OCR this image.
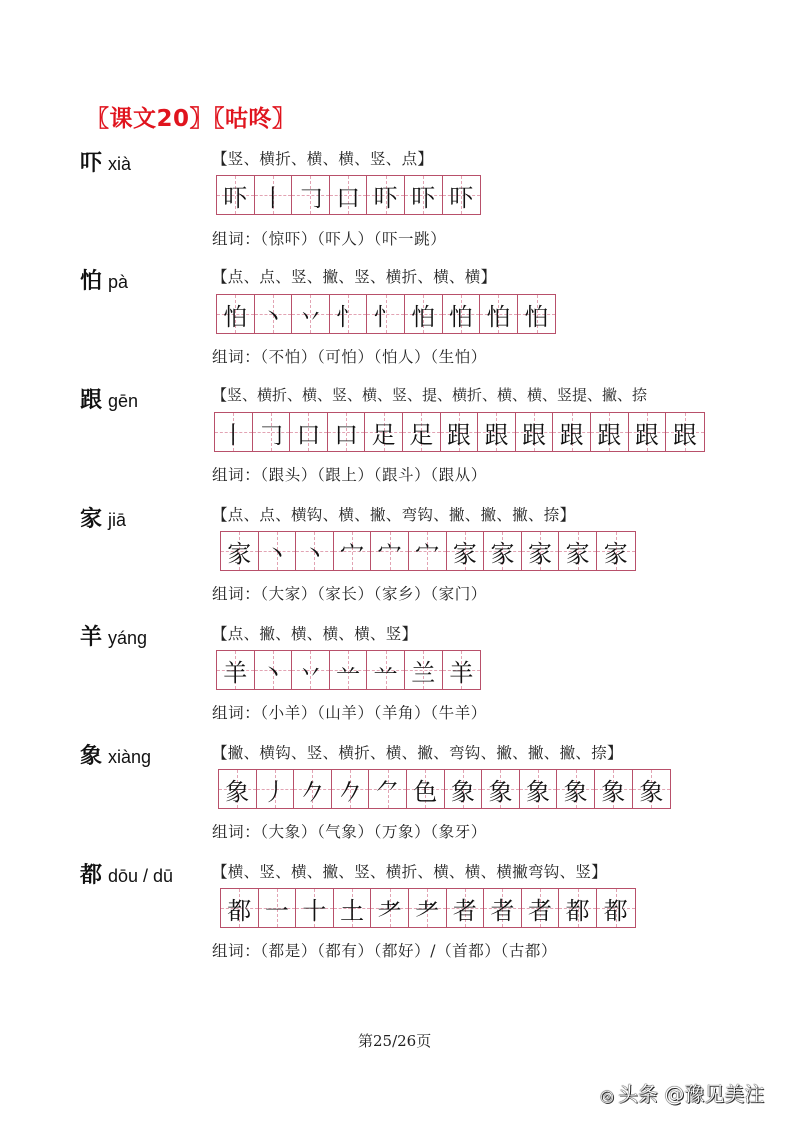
〖课文20〗〖咕咚〗
吓 xià	【竖、横折、横、横、竖、点】
吓 丨 𠃌 口 吓 吓 吓
组词：（惊吓）（吓人）（吓一跳）
怕 pà	【点、点、竖、撇、竖、横折、横、横】
怕 丶 丷 忄 忄 怕 怕 怕 怕
组词：（不怕）（可怕）（怕人）（生怕）
跟 gēn	【竖、横折、横、竖、横、竖、提、横折、横、横、竖提、撇、捺
丨 𠃌 口 口 足 足 跟 跟 跟 跟 跟 跟 跟
组词：（跟头）（跟上）（跟斗）（跟从）
家 jiā	【点、点、横钩、横、撇、弯钩、撇、撇、撇、捺】
家 丶 丶 宀 宀 宀 家 家 家 家 家
组词：（大家）（家长）（家乡）（家门）
羊 yáng	【点、撇、横、横、横、竖】
羊 丶 丷 䒑 䒑 兰 羊
组词：（小羊）（山羊）（羊角）（牛羊）
象 xiàng	【撇、横钩、竖、横折、横、撇、弯钩、撇、撇、撇、捺】
象 丿 𠂊 𠂊 ⺈ 色 象 象 象 象 象 象
组词：（大象）（气象）（万象）（象牙）
都 dōu / dū	【横、竖、横、撇、竖、横折、横、横、横撇弯钩、竖】
都 一 十 土 耂 耂 者 者 者 都 都
组词：（都是）（都有）（都好）/（首都）（古都）
第25/26页
◎ 头条 @豫见美注
